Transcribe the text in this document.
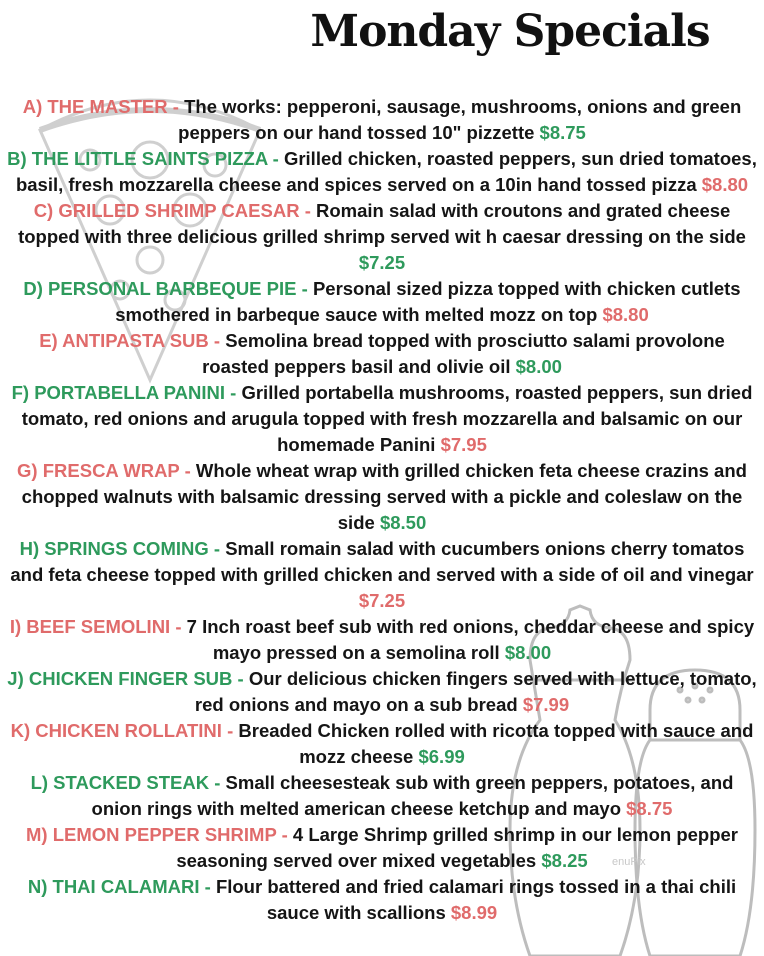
Monday Specials
A) THE MASTER - The works: pepperoni, sausage, mushrooms, onions and green peppers on our hand tossed 10" pizzette $8.75
B) THE LITTLE SAINTS PIZZA - Grilled chicken, roasted peppers, sun dried tomatoes, basil, fresh mozzarella cheese and spices served on a 10in hand tossed pizza $8.80
C) GRILLED SHRIMP CAESAR - Romain salad with croutons and grated cheese topped with three delicious grilled shrimp served wit h caesar dressing on the side $7.25
D) PERSONAL BARBEQUE PIE - Personal sized pizza topped with chicken cutlets smothered in barbeque sauce with melted mozz on top $8.80
E) ANTIPASTA SUB - Semolina bread topped with prosciutto salami provolone roasted peppers basil and olivie oil $8.00
F) PORTABELLA PANINI - Grilled portabella mushrooms, roasted peppers, sun dried tomato, red onions and arugula topped with fresh mozzarella and balsamic on our homemade Panini $7.95
G) FRESCA WRAP - Whole wheat wrap with grilled chicken feta cheese crazins and chopped walnuts with balsamic dressing served with a pickle and coleslaw on the side $8.50
H) SPRINGS COMING - Small romain salad with cucumbers onions cherry tomatos and feta cheese topped with grilled chicken and served with a side of oil and vinegar $7.25
I) BEEF SEMOLINI - 7 Inch roast beef sub with red onions, cheddar cheese and spicy mayo pressed on a semolina roll $8.00
J) CHICKEN FINGER SUB - Our delicious chicken fingers served with lettuce, tomato, red onions and mayo on a sub bread $7.99
K) CHICKEN ROLLATINI - Breaded Chicken rolled with ricotta topped with sauce and mozz cheese $6.99
L) STACKED STEAK - Small cheesesteak sub with green peppers, potatoes, and onion rings with melted american cheese ketchup and mayo $8.75
M) LEMON PEPPER SHRIMP - 4 Large Shrimp grilled shrimp in our lemon pepper seasoning served over mixed vegetables $8.25
N) THAI CALAMARI - Flour battered and fried calamari rings tossed in a thai chili sauce with scallions $8.99
enuPix
